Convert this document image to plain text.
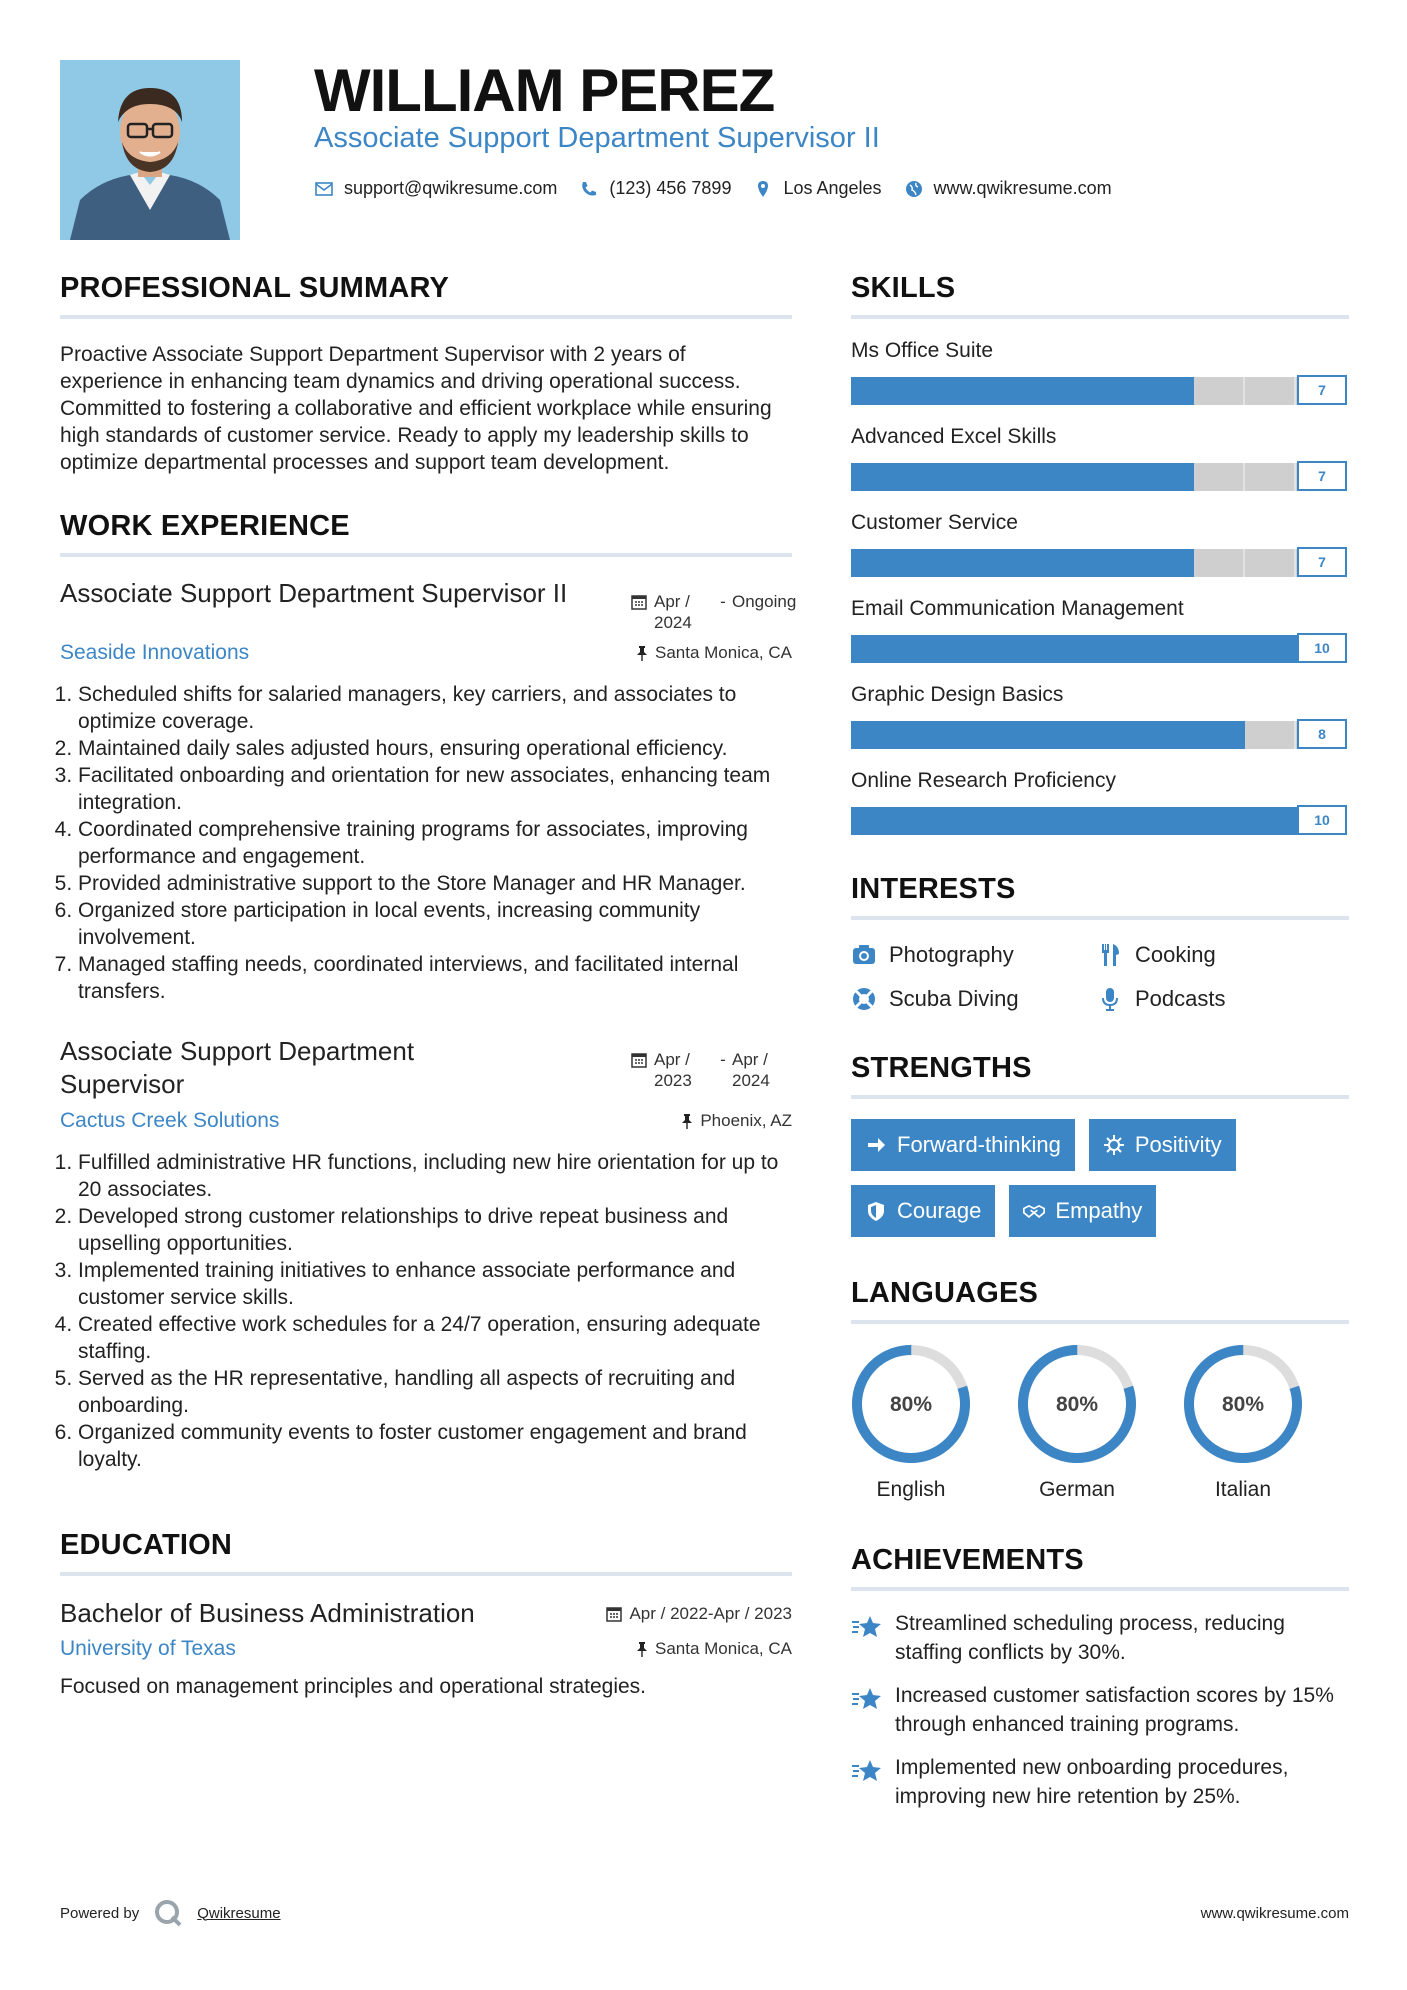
WILLIAM PEREZ
Associate Support Department Supervisor II
support@qwikresume.com	(123) 456 7899	Los Angeles	www.qwikresume.com
PROFESSIONAL SUMMARY

Proactive Associate Support Department Supervisor with 2 years of experience in enhancing team dynamics and driving operational success. Committed to fostering a collaborative and efficient workplace while ensuring high standards of customer service. Ready to apply my leadership skills to optimize departmental processes and support team development.

WORK EXPERIENCE
Associate Support Department Supervisor II	Apr / 2024
- Ongoing
Seaside Innovations	Santa Monica, CA
1. Scheduled shifts for salaried managers, key carriers, and associates to optimize coverage.
2. Maintained daily sales adjusted hours, ensuring operational efficiency.
3. Facilitated onboarding and orientation for new associates, enhancing team integration.
4. Coordinated comprehensive training programs for associates, improving performance and engagement.
5. Provided administrative support to the Store Manager and HR Manager.
6. Organized store participation in local events, increasing community involvement.
7. Managed staffing needs, coordinated interviews, and facilitated internal transfers.
Associate Support Department Supervisor
Apr / 2023
- Apr / 2024
Cactus Creek Solutions	Phoenix, AZ
1. Fulfilled administrative HR functions, including new hire orientation for up to 20 associates.
2. Developed strong customer relationships to drive repeat business and upselling opportunities.
3. Implemented training initiatives to enhance associate performance and customer service skills.
4. Created effective work schedules for a 24/7 operation, ensuring adequate staffing.
5. Served as the HR representative, handling all aspects of recruiting and onboarding.
6. Organized community events to foster customer engagement and brand loyalty.
EDUCATION
Bachelor of Business Administration	Apr / 2022-Apr / 2023
University of Texas	Santa Monica, CA

Focused on management principles and operational strategies.

SKILLS
Ms Office Suite
7
Advanced Excel Skills
7
Customer Service
7
Email Communication Management
10
Graphic Design Basics
8
Online Research Proficiency
10
INTERESTS
Photography	Cooking
Scuba Diving	Podcasts
STRENGTHS
Forward-thinking	Positivity
Courage	Empathy
LANGUAGES
80%
English
80%
German
80%
Italian
ACHIEVEMENTS
Streamlined scheduling process, reducing staffing conflicts by 30%.
Increased customer satisfaction scores by 15% through enhanced training programs.
Implemented new onboarding procedures, improving new hire retention by 25%.
Powered by	Qwikresume	www.qwikresume.com
